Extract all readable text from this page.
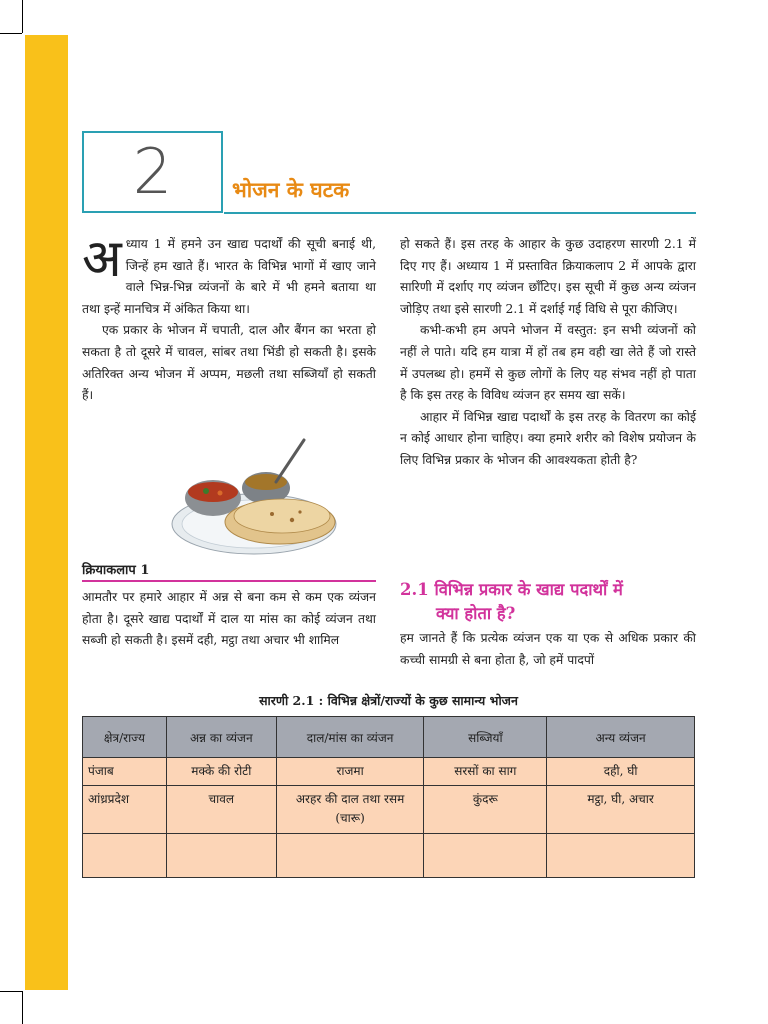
2	भोजन के घटक

अध्याय 1 में हमने उन खाद्य पदार्थों की सूची बनाई थी, जिन्हें हम खाते हैं। भारत के विभिन्न भागों में खाए जाने वाले भिन्न-भिन्न व्यंजनों के बारे में भी हमने बताया था तथा इन्हें मानचित्र में अंकित किया था।

एक प्रकार के भोजन में चपाती, दाल और बैंगन का भरता हो सकता है तो दूसरे में चावल, सांबर तथा भिंडी हो सकती है। इसके अतिरिक्त अन्य भोजन में अप्पम, मछली तथा सब्जियाँ हो सकती हैं।

क्रियाकलाप 1

आमतौर पर हमारे आहार में अन्न से बना कम से कम एक व्यंजन होता है। दूसरे खाद्य पदार्थों में दाल या मांस का कोई व्यंजन तथा सब्जी हो सकती है। इसमें दही, मट्ठा तथा अचार भी शामिल

हो सकते हैं। इस तरह के आहार के कुछ उदाहरण सारणी 2.1 में दिए गए हैं। अध्याय 1 में प्रस्तावित क्रियाकलाप 2 में आपके द्वारा सारिणी में दर्शाए गए व्यंजन छाँटिए। इस सूची में कुछ अन्य व्यंजन जोड़िए तथा इसे सारणी 2.1 में दर्शाई गई विधि से पूरा कीजिए।

कभी-कभी हम अपने भोजन में वस्तुत: इन सभी व्यंजनों को नहीं ले पाते। यदि हम यात्रा में हों तब हम वही खा लेते हैं जो रास्ते में उपलब्ध हो। हममें से कुछ लोगों के लिए यह संभव नहीं हो पाता है कि इस तरह के विविध व्यंजन हर समय खा सकें।

आहार में विभिन्न खाद्य पदार्थों के इस तरह के वितरण का कोई न कोई आधार होना चाहिए। क्या हमारे शरीर को विशेष प्रयोजन के लिए विभिन्न प्रकार के भोजन की आवश्यकता होती है?

2.1 विभिन्न प्रकार के खाद्य पदार्थों में
क्या होता है?

हम जानते हैं कि प्रत्येक व्यंजन एक या एक से अधिक प्रकार की कच्ची सामग्री से बना होता है, जो हमें पादपों

सारणी 2.1 : विभिन्न क्षेत्रों/राज्यों के कुछ सामान्य भोजन
क्षेत्र/राज्य	अन्न का व्यंजन	दाल/मांस का व्यंजन	सब्जियाँ	अन्य व्यंजन
पंजाब	मक्के की रोटी	राजमा	सरसों का साग	दही, घी
आंध्रप्रदेश	चावल	अरहर की दाल तथा रसम (चारू)	कुंदरू	मट्ठा, घी, अचार
